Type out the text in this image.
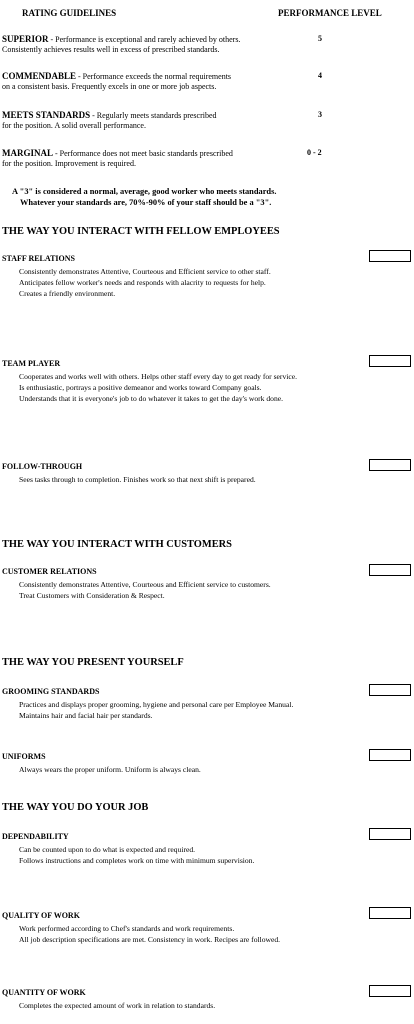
RATING GUIDELINES	PERFORMANCE LEVEL
SUPERIOR - Performance is exceptional and rarely achieved by others.
Consistently achieves results well in excess of prescribed standards.
5
COMMENDABLE - Performance exceeds the normal requirements
on a consistent basis. Frequently excels in one or more job aspects.
4
MEETS STANDARDS - Regularly meets standards prescribed
for the position. A solid overall performance.
3
MARGINAL - Performance does not meet basic standards prescribed
for the position. Improvement is required.
0 - 2
A "3" is considered a normal, average, good worker who meets standards.
Whatever your standards are, 70%-90% of your staff should be a "3".
THE WAY YOU INTERACT WITH FELLOW EMPLOYEES
STAFF RELATIONS
Consistently demonstrates Attentive, Courteous and Efficient service to other staff.
Anticipates fellow worker's needs and responds with alacrity to requests for help.
Creates a friendly environment.
TEAM PLAYER
Cooperates and works well with others. Helps other staff every day to get ready for service.
Is enthusiastic, portrays a positive demeanor and works toward Company goals.
Understands that it is everyone's job to do whatever it takes to get the day's work done.
FOLLOW-THROUGH
Sees tasks through to completion. Finishes work so that next shift is prepared.
THE WAY YOU INTERACT WITH CUSTOMERS
CUSTOMER RELATIONS
Consistently demonstrates Attentive, Courteous and Efficient service to customers.
Treat Customers with Consideration & Respect.
THE WAY YOU PRESENT YOURSELF
GROOMING STANDARDS
Practices and displays proper grooming, hygiene and personal care per Employee Manual.
Maintains hair and facial hair per standards.
UNIFORMS
Always wears the proper uniform. Uniform is always clean.
THE WAY YOU DO YOUR JOB
DEPENDABILITY
Can be counted upon to do what is expected and required.
Follows instructions and completes work on time with minimum supervision.
QUALITY OF WORK
Work performed according to Chef's standards and work requirements.
All job description specifications are met. Consistency in work. Recipes are followed.
QUANTITY OF WORK
Completes the expected amount of work in relation to standards.
